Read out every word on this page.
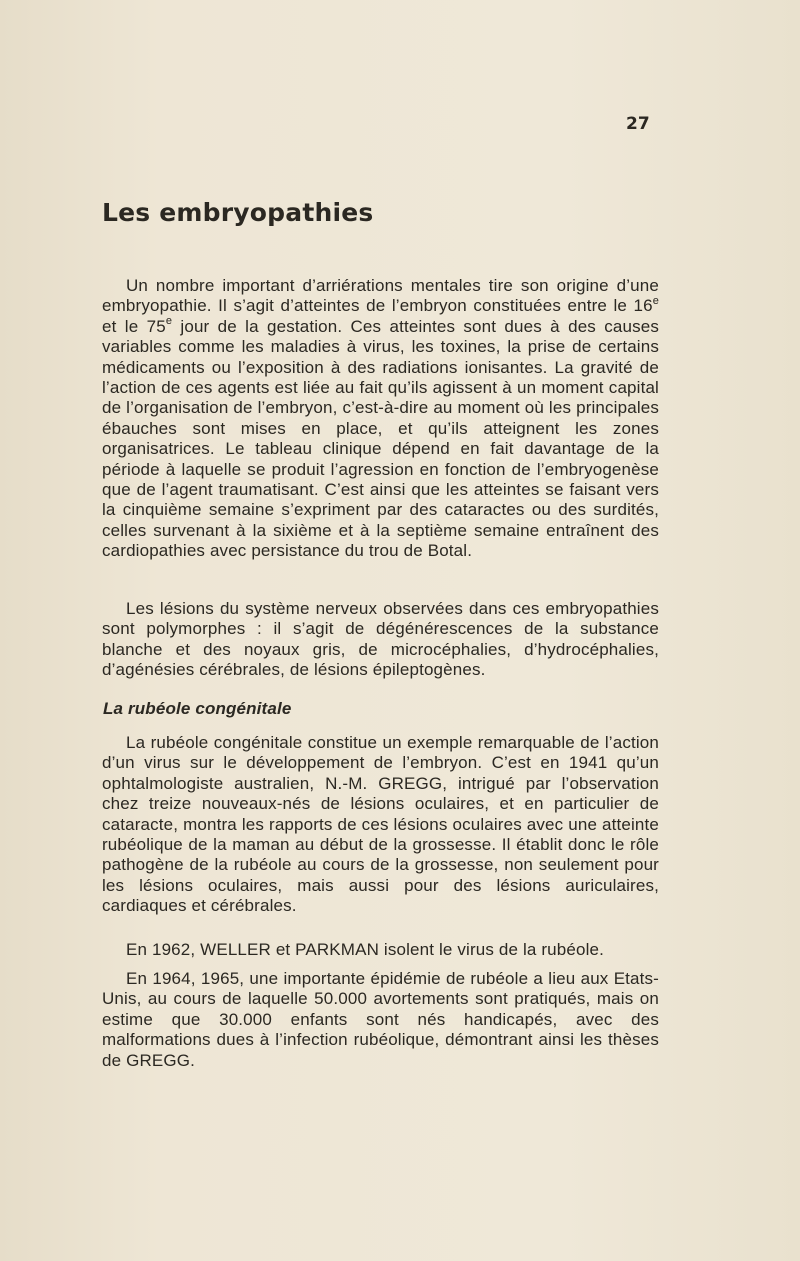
27
Les embryopathies

Un nombre important d’arriérations mentales tire son origine d’une embryopathie. Il s’agit d’atteintes de l’embryon constituées entre le 16e et le 75e jour de la gestation. Ces atteintes sont dues à des causes variables comme les maladies à virus, les toxines, la prise de certains médicaments ou l’exposition à des radiations ionisantes. La gravité de l’action de ces agents est liée au fait qu’ils agissent à un moment capital de l’organisation de l’embryon, c’est-à-dire au moment où les principales ébauches sont mises en place, et qu’ils atteignent les zones organisatrices. Le tableau clinique dépend en fait davantage de la période à laquelle se produit l’agression en fonction de l’embryogenèse que de l’agent traumatisant. C’est ainsi que les atteintes se faisant vers la cinquième semaine s’expriment par des cataractes ou des surdités, celles survenant à la sixième et à la septième semaine entraînent des cardiopathies avec persistance du trou de Botal.

Les lésions du système nerveux observées dans ces embryopathies sont polymorphes : il s’agit de dégénérescences de la substance blanche et des noyaux gris, de microcéphalies, d’hydrocéphalies, d’agénésies cérébrales, de lésions épileptogènes.

La rubéole congénitale

La rubéole congénitale constitue un exemple remarquable de l’action d’un virus sur le développement de l’embryon. C’est en 1941 qu’un ophtalmologiste australien, N.-M. GREGG, intrigué par l’observation chez treize nouveaux-nés de lésions oculaires, et en particulier de cataracte, montra les rapports de ces lésions oculaires avec une atteinte rubéolique de la maman au début de la grossesse. Il établit donc le rôle pathogène de la rubéole au cours de la grossesse, non seulement pour les lésions oculaires, mais aussi pour des lésions auriculaires, cardiaques et cérébrales.

En 1962, WELLER et PARKMAN isolent le virus de la rubéole.

En 1964, 1965, une importante épidémie de rubéole a lieu aux Etats-Unis, au cours de laquelle 50.000 avortements sont pratiqués, mais on estime que 30.000 enfants sont nés handicapés, avec des malformations dues à l’infection rubéolique, démontrant ainsi les thèses de GREGG.
